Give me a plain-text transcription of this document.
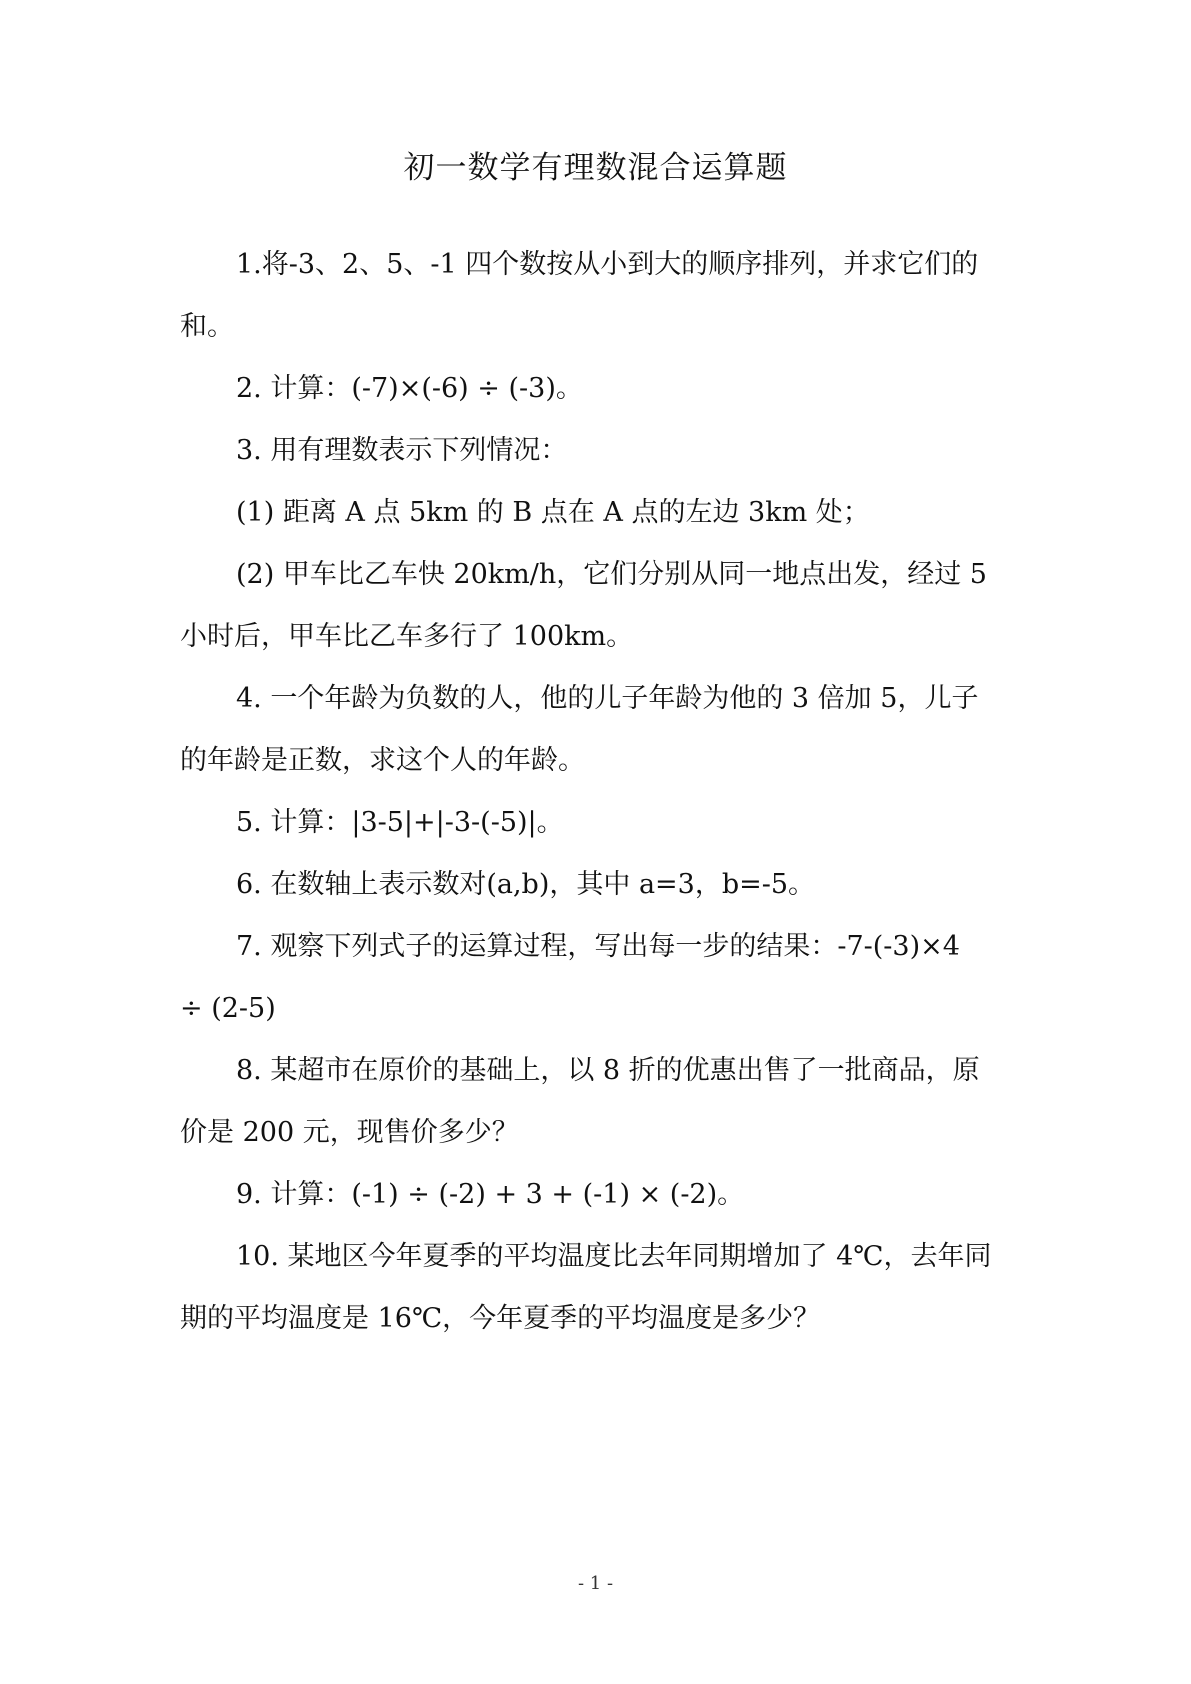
初一数学有理数混合运算题
1.将-3、2、5、-1 四个数按从小到大的顺序排列，并求它们的
和。
2. 计算：(-7)×(-6) ÷ (-3)。
3. 用有理数表示下列情况：
(1) 距离 A 点 5km 的 B 点在 A 点的左边 3km 处；
(2) 甲车比乙车快 20km/h，它们分别从同一地点出发，经过 5
小时后，甲车比乙车多行了 100km。
4. 一个年龄为负数的人，他的儿子年龄为他的 3 倍加 5，儿子
的年龄是正数，求这个人的年龄。
5. 计算：|3-5|+|-3-(-5)|。
6. 在数轴上表示数对(a,b)，其中 a=3，b=-5。
7. 观察下列式子的运算过程，写出每一步的结果：-7-(-3)×4
÷ (2-5)
8. 某超市在原价的基础上，以 8 折的优惠出售了一批商品，原
价是 200 元，现售价多少？
9. 计算：(-1) ÷ (-2) + 3 + (-1) × (-2)。
10. 某地区今年夏季的平均温度比去年同期增加了 4℃，去年同
期的平均温度是 16℃，今年夏季的平均温度是多少？
- 1 -
